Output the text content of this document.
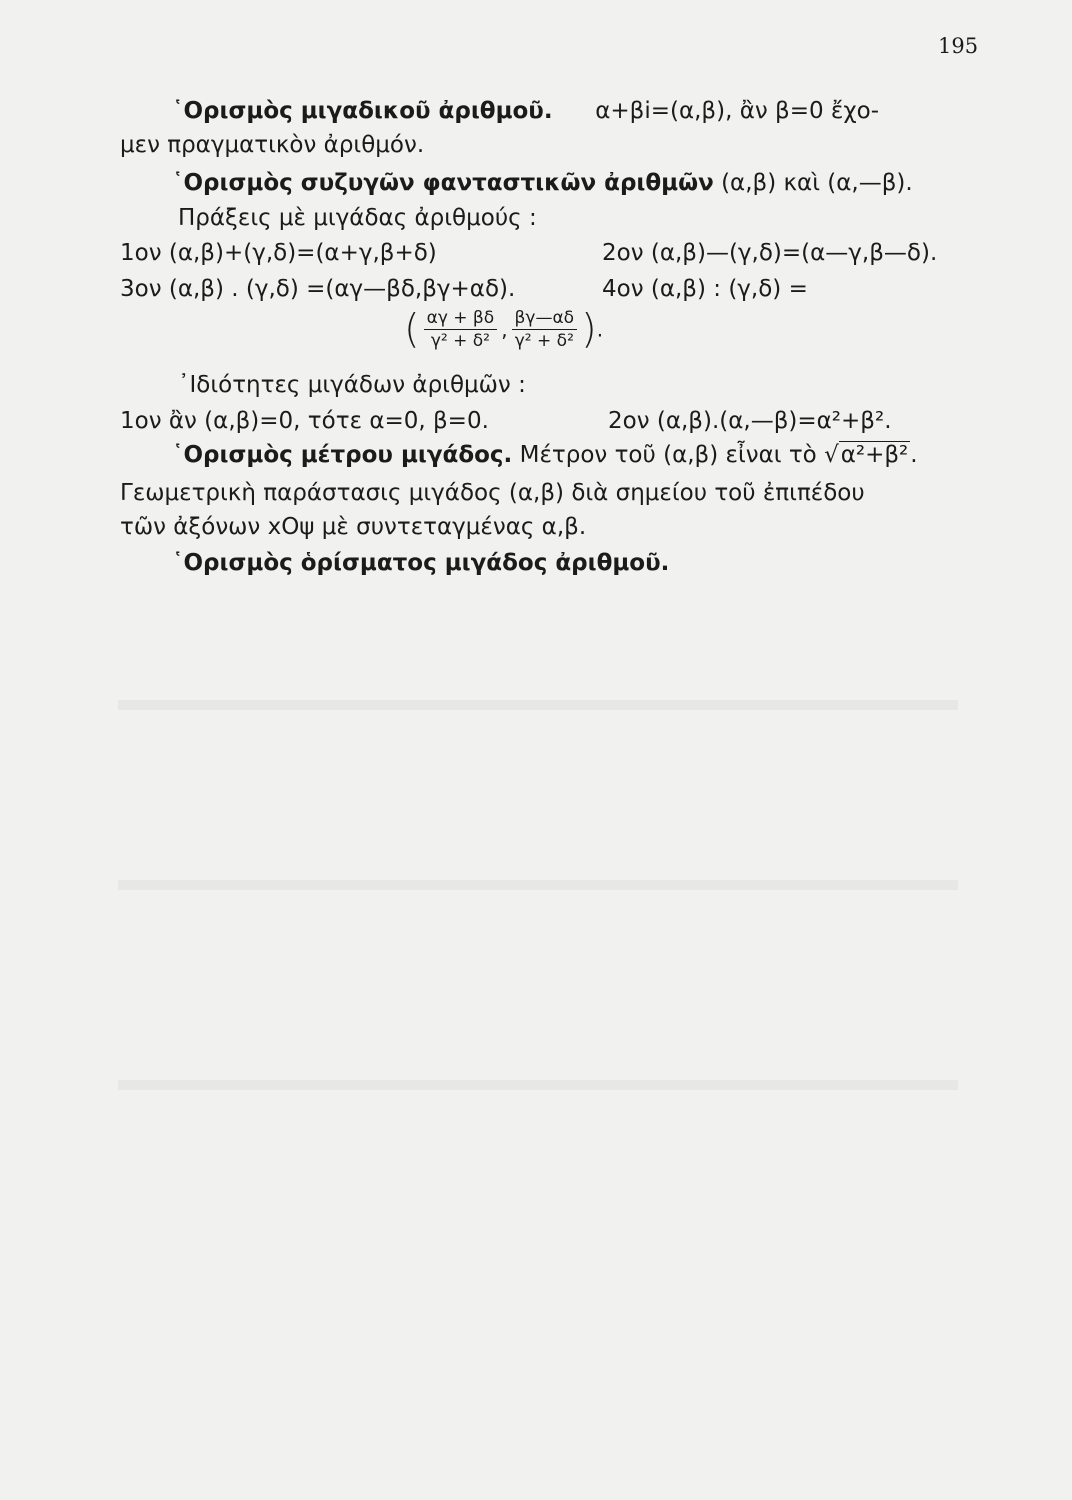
195
῾Ορισμὸς μιγαδικοῦ ἀριθμοῦ. α+βi=(α,β), ἂν β=0 ἔχο-
μεν πραγματικὸν ἀριθμόν.
῾Ορισμὸς συζυγῶν φανταστικῶν ἀριθμῶν (α,β) καὶ (α,—β).
Πράξεις μὲ μιγάδας ἀριθμούς :
1ον (α,β)+(γ,δ)=(α+γ,β+δ)	2ον (α,β)—(γ,δ)=(α—γ,β—δ).
3ον (α,β) . (γ,δ) =(αγ—βδ,βγ+αδ).	4ον (α,β) : (γ,δ) =
( $\frac{\alpha\gamma + \beta\delta}{\text{γ² + δ²}}$ , $\frac{\beta\gamma—\alpha\delta}{\text{γ² + δ²}}$ ).
᾽Ιδιότητες μιγάδων ἀριθμῶν :
1ον ἂν (α,β)=0, τότε α=0, β=0.	2ον (α,β).(α,—β)=α²+β².
῾Ορισμὸς μέτρου μιγάδος. Μέτρον τοῦ (α,β) εἶναι τὸ √α²+β².
Γεωμετρικὴ παράστασις μιγάδος (α,β) διὰ σημείου τοῦ ἐπιπέδου
τῶν ἀξόνων xOψ μὲ συντεταγμένας α,β.
῾Ορισμὸς ὁρίσματος μιγάδος ἀριθμοῦ.
